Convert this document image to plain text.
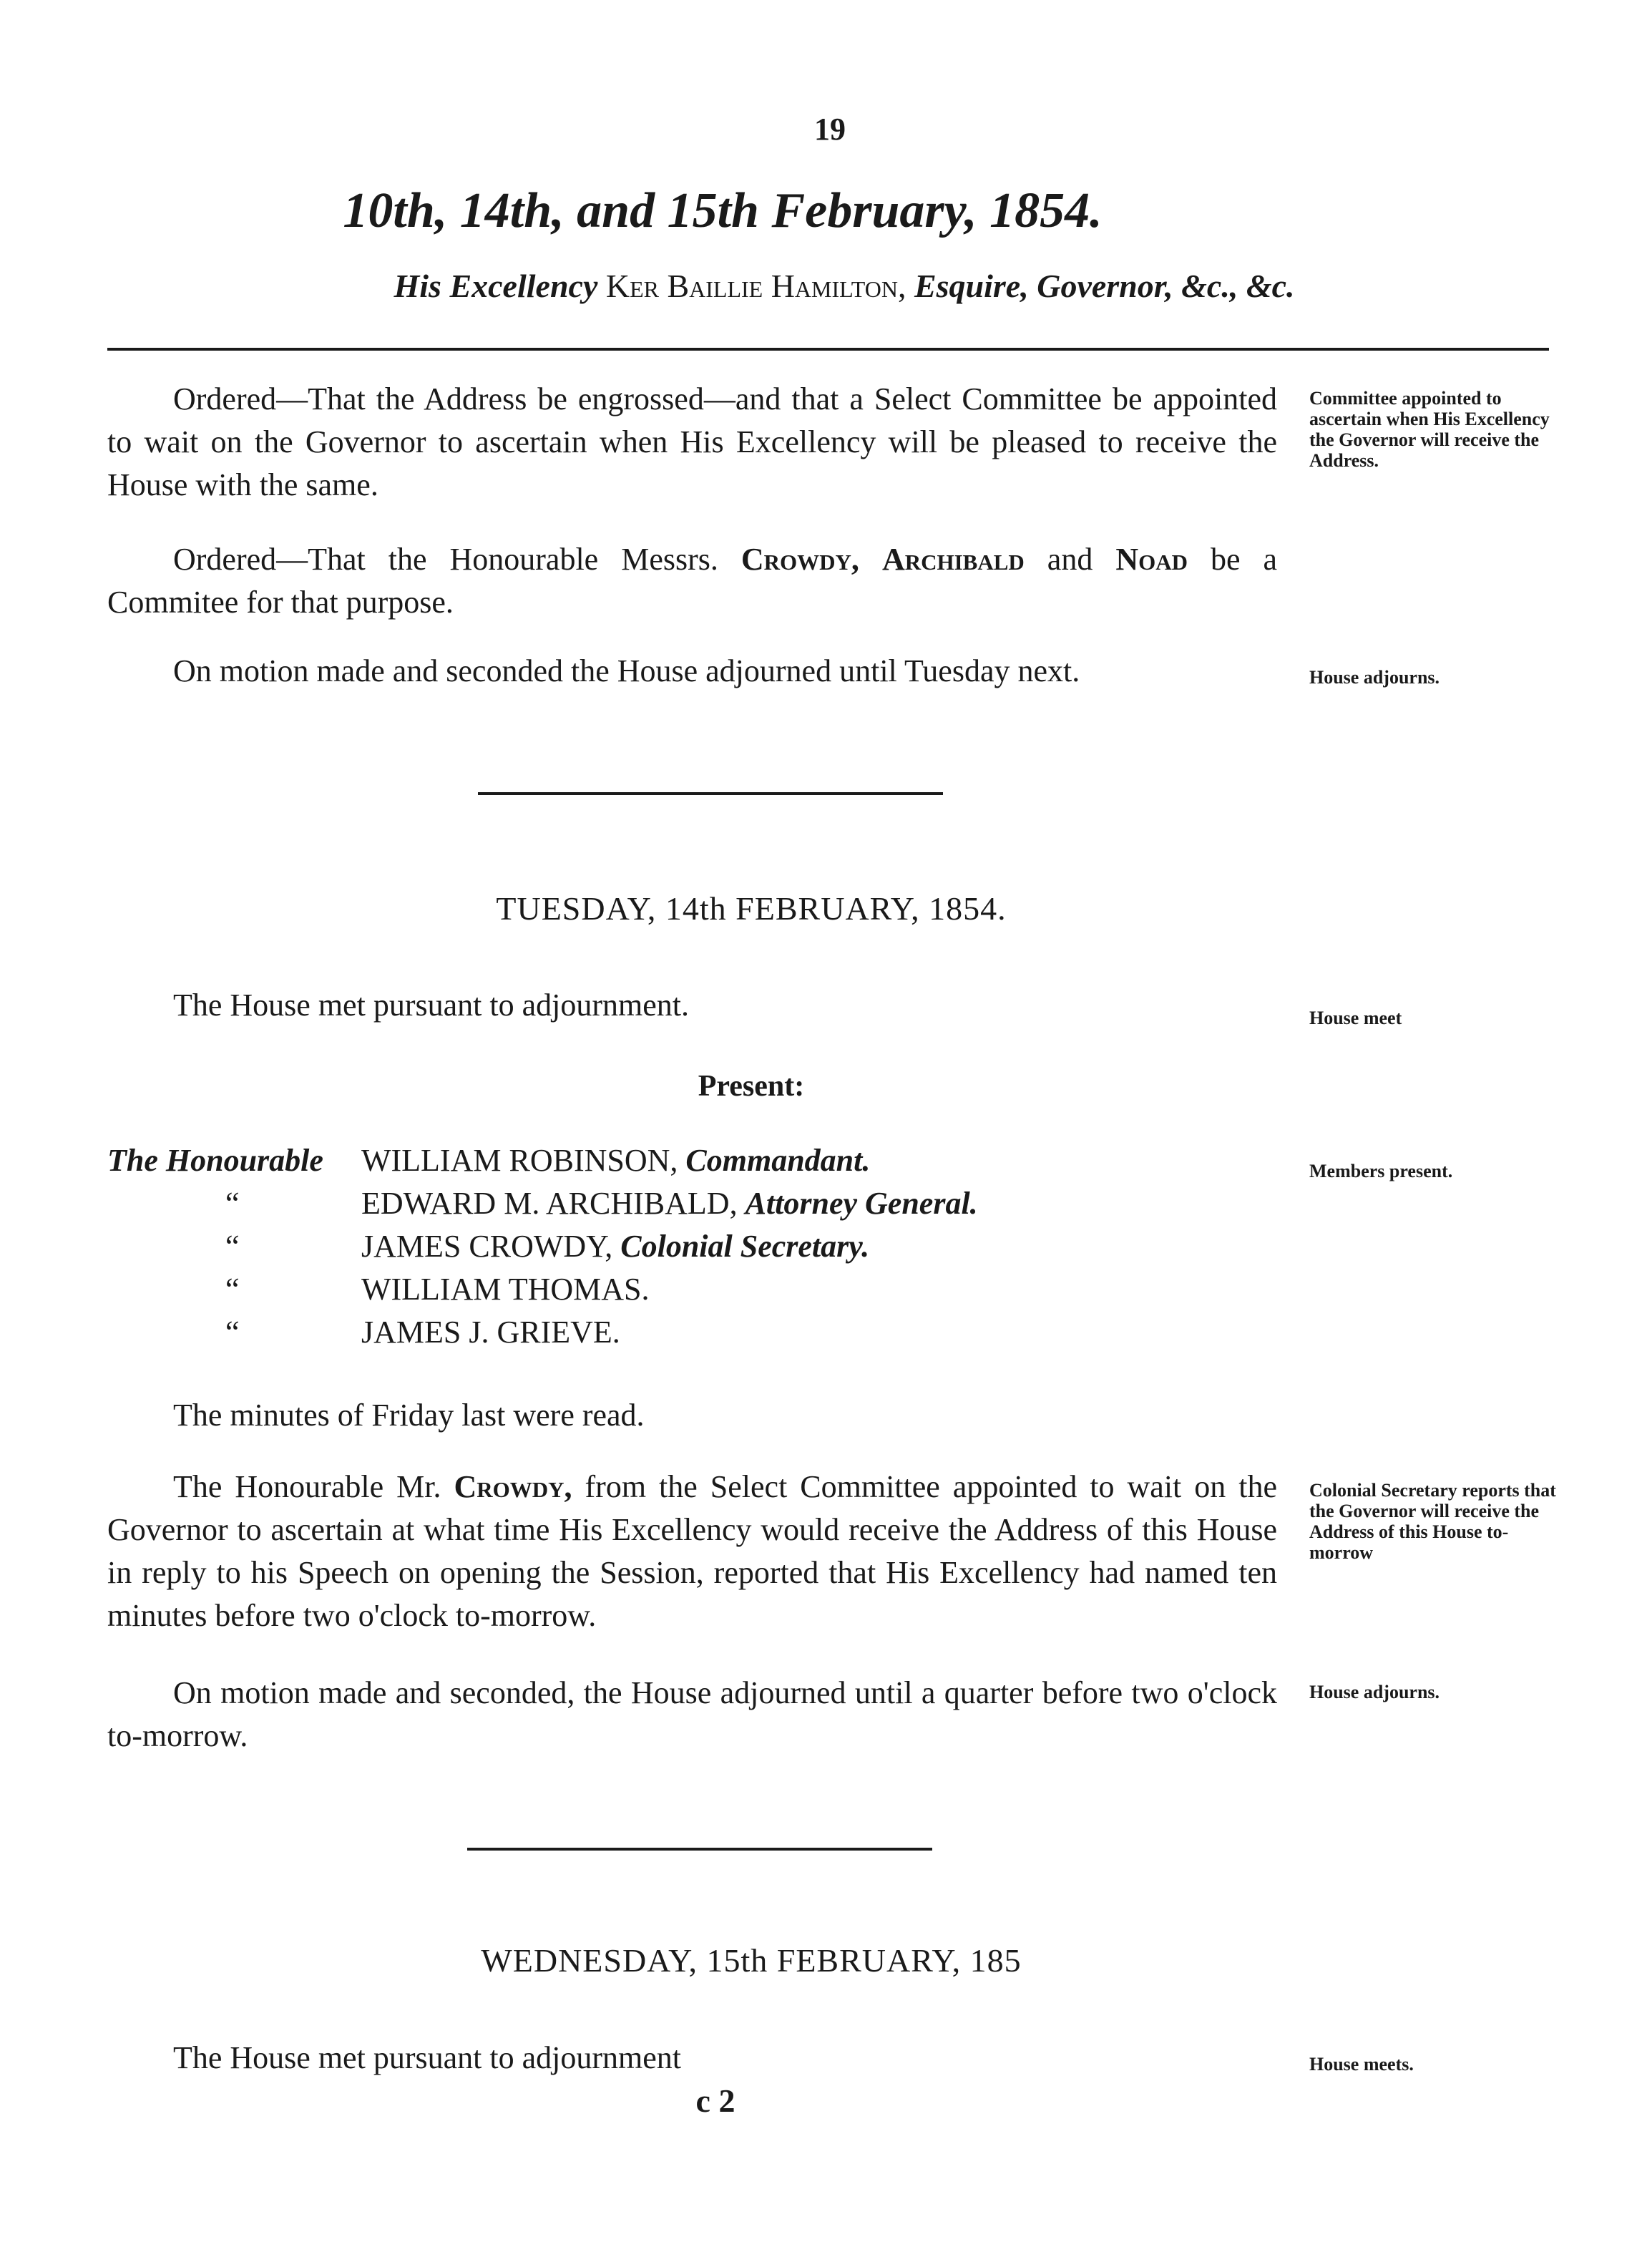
19
10th, 14th, and 15th February, 1854.
His Excellency Ker Baillie Hamilton, Esquire, Governor, &c., &c.
Ordered—That the Address be engrossed—and that a Select Committee be appointed to wait on the Governor to ascertain when His Excellency will be pleased to receive the House with the same.
Committee appointed to ascertain when His Excellency the Governor will receive the Address.
Ordered—That the Honourable Messrs. Crowdy, Archibald and Noad be a Commitee for that purpose.
On motion made and seconded the House adjourned until Tuesday next.	House adjourns.
TUESDAY, 14th FEBRUARY, 1854.
The House met pursuant to adjournment.	House meet
Present:
Members present.
The Honourable WILLIAM ROBINSON, Commandant.
“	EDWARD M. ARCHIBALD, Attorney General.
“	JAMES CROWDY, Colonial Secretary.
“	WILLIAM THOMAS.
“	JAMES J. GRIEVE.
The minutes of Friday last were read.
The Honourable Mr. Crowdy, from the Select Committee appointed to wait on the Governor to ascertain at what time His Excellency would receive the Address of this House in reply to his Speech on opening the Session, reported that His Excellency had named ten minutes before two o'clock to-morrow.
Colonial Secretary reports that the Governor will receive the Address of this House to-morrow
On motion made and seconded, the House adjourned until a quarter before two o'clock to-morrow.
House adjourns.
WEDNESDAY, 15th FEBRUARY, 185
The House met pursuant to adjournment	House meets.
c 2
